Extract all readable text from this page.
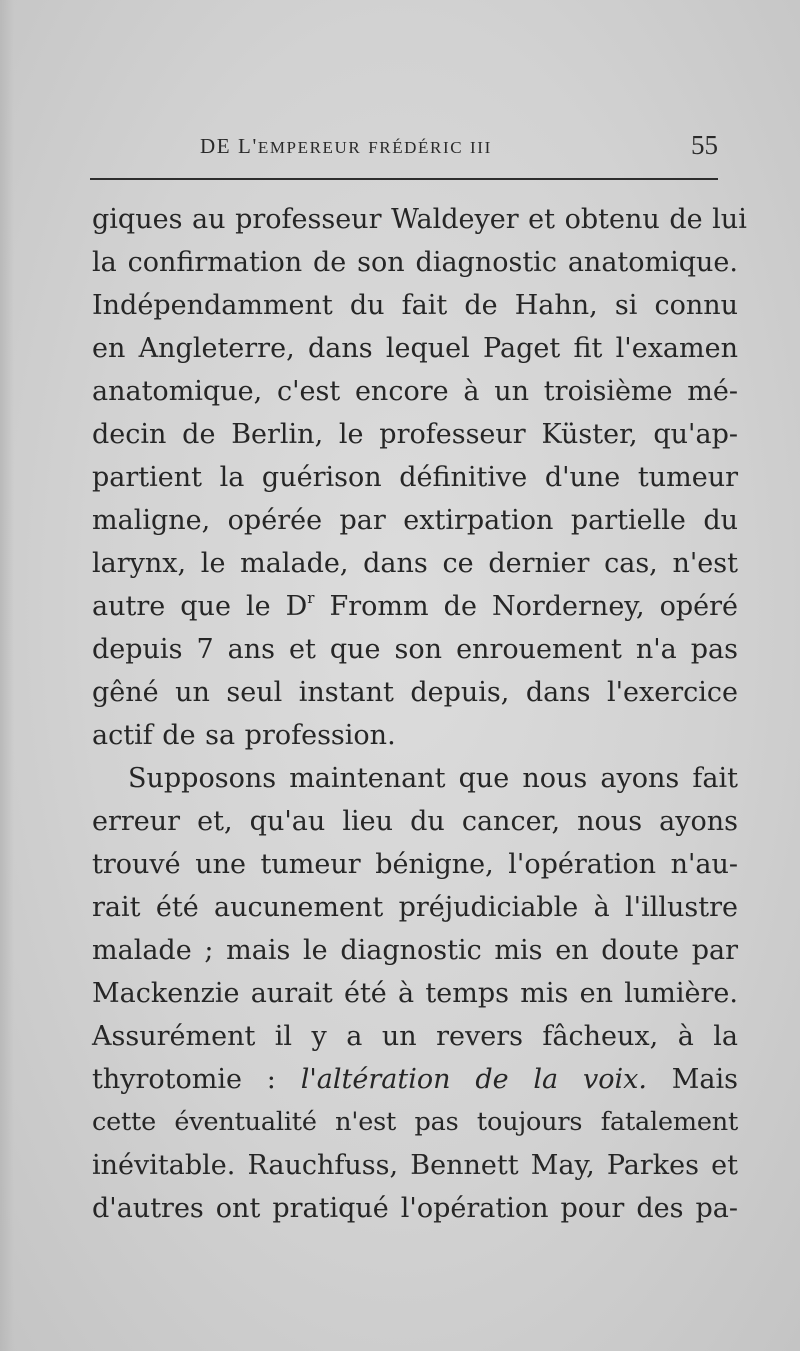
DE L'EMPEREUR FRÉDÉRIC III	55
giques au professeur Waldeyer et obtenu de lui
la confirmation de son diagnostic anatomique.
Indépendamment du fait de Hahn, si connu
en Angleterre, dans lequel Paget fit l'examen
anatomique, c'est encore à un troisième mé-
decin de Berlin, le professeur Küster, qu'ap-
partient la guérison définitive d'une tumeur
maligne, opérée par extirpation partielle du
larynx, le malade, dans ce dernier cas, n'est
autre que le $D^r$ Fromm de Norderney, opéré
depuis 7 ans et que son enrouement n'a pas
gêné un seul instant depuis, dans l'exercice
actif de sa profession.
Supposons maintenant que nous ayons fait
erreur et, qu'au lieu du cancer, nous ayons
trouvé une tumeur bénigne, l'opération n'au-
rait été aucunement préjudiciable à l'illustre
malade ; mais le diagnostic mis en doute par
Mackenzie aurait été à temps mis en lumière.
Assurément il y a un revers fâcheux, à la
thyrotomie : l'altération de la voix. Mais
cette éventualité n'est pas toujours fatalement
inévitable. Rauchfuss, Bennett May, Parkes et
d'autres ont pratiqué l'opération pour des pa-
